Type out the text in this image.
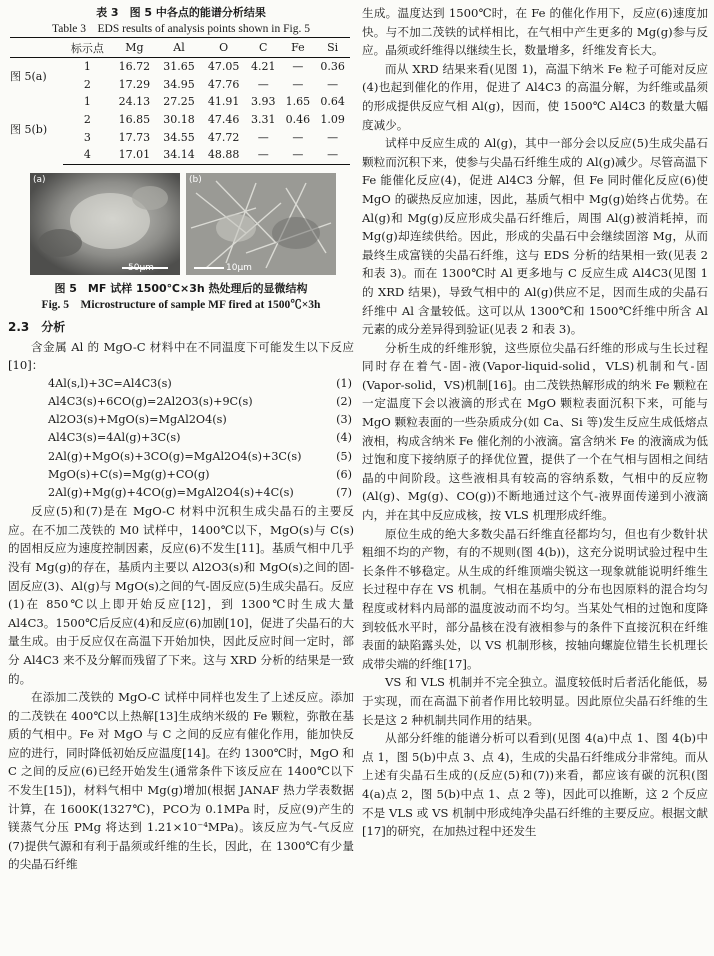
表 3　图 5 中各点的能谱分析结果
Table 3　EDS results of analysis points shown in Fig. 5
	标示点	Mg	Al	O	C	Fe	Si
图 5(a)	1	16.72	31.65	47.05	4.21	—	0.36
	2	17.29	34.95	47.76	—	—	—
图 5(b)	1	24.13	27.25	41.91	3.93	1.65	0.64
	2	16.85	30.18	47.46	3.31	0.46	1.09
	3	17.73	34.55	47.72	—	—	—
	4	17.01	34.14	48.88	—	—	—
(a)
50μm
(b)
10μm
图 5　MF 试样 1500℃×3h 热处理后的显微结构
Fig. 5　Microstructure of sample MF fired at 1500℃×3h
2.3　分析

含金属 Al 的 MgO-C 材料中在不同温度下可能发生以下反应[10]：

4Al(s,l)+3C=Al4C3(s)	(1)
Al4C3(s)+6CO(g)=2Al2O3(s)+9C(s)	(2)
Al2O3(s)+MgO(s)=MgAl2O4(s)	(3)
Al4C3(s)=4Al(g)+3C(s)	(4)
2Al(g)+MgO(s)+3CO(g)=MgAl2O4(s)+3C(s)	(5)
MgO(s)+C(s)=Mg(g)+CO(g)	(6)
2Al(g)+Mg(g)+4CO(g)=MgAl2O4(s)+4C(s)	(7)

反应(5)和(7)是在 MgO-C 材料中沉积生成尖晶石的主要反应。在不加二茂铁的 M0 试样中，1400℃以下，MgO(s)与 C(s)的固相反应为速度控制因素，反应(6)不发生[11]。基质气相中几乎没有 Mg(g)的存在，基质内主要以 Al2O3(s)和 MgO(s)之间的固-固反应(3)、Al(g)与 MgO(s)之间的气-固反应(5)生成尖晶石。反应(1)在 850℃以上即开始反应[12]，到 1300℃时生成大量 Al4C3。1500℃后反应(4)和反应(6)加剧[10]，促进了尖晶石的大量生成。由于反应仅在高温下开始加快，因此反应时间一定时，部分 Al4C3 来不及分解而残留了下来。这与 XRD 分析的结果是一致的。

在添加二茂铁的 MgO-C 试样中同样也发生了上述反应。添加的二茂铁在 400℃以上热解[13]生成纳米级的 Fe 颗粒，弥散在基质的气相中。Fe 对 MgO 与 C 之间的反应有催化作用，能加快反应的进行，同时降低初始反应温度[14]。在约 1300℃时，MgO 和 C 之间的反应(6)已经开始发生(通常条件下该反应在 1400℃以下不发生[15])，材料气相中 Mg(g)增加(根据 JANAF 热力学表数据计算，在 1600K(1327℃)，PCO为 0.1MPa 时，反应(9)产生的镁蒸气分压 PMg 将达到 1.21×10⁻⁴MPa)。该反应为气-气反应(7)提供气源和有利于晶须或纤维的生长，因此，在 1300℃有少量的尖晶石纤维

生成。温度达到 1500℃时，在 Fe 的催化作用下，反应(6)速度加快。与不加二茂铁的试样相比，在气相中产生更多的 Mg(g)参与反应。晶须或纤维得以继续生长，数量增多，纤维发育长大。

而从 XRD 结果来看(见图 1)，高温下纳米 Fe 粒子可能对反应(4)也起到催化的作用，促进了 Al4C3 的高温分解，为纤维或晶须的形成提供反应气相 Al(g)，因而，使 1500℃ Al4C3 的数量大幅度减少。

试样中反应生成的 Al(g)，其中一部分会以反应(5)生成尖晶石颗粒而沉积下来，使参与尖晶石纤维生成的 Al(g)减少。尽管高温下 Fe 能催化反应(4)，促进 Al4C3 分解，但 Fe 同时催化反应(6)使 MgO 的碳热反应加速，因此，基质气相中 Mg(g)始终占优势。在 Al(g)和 Mg(g)反应形成尖晶石纤维后，周围 Al(g)被消耗掉，而 Mg(g)却连续供给。因此，形成的尖晶石中会继续固溶 Mg，从而最终生成富镁的尖晶石纤维，这与 EDS 分析的结果相一致(见表 2 和表 3)。而在 1300℃时 Al 更多地与 C 反应生成 Al4C3(见图 1 的 XRD 结果)，导致气相中的 Al(g)供应不足，因而生成的尖晶石纤维中 Al 含量较低。这可以从 1300℃和 1500℃纤维中所含 Al 元素的成分差异得到验证(见表 2 和表 3)。

分析生成的纤维形貌，这些原位尖晶石纤维的形成与生长过程同时存在着气-固-液(Vapor-liquid-solid，VLS)机制和气-固(Vapor-solid，VS)机制[16]。由二茂铁热解形成的纳米 Fe 颗粒在一定温度下会以液滴的形式在 MgO 颗粒表面沉积下来，可能与 MgO 颗粒表面的一些杂质成分(如 Ca、Si 等)发生反应生成低熔点液相，构成含纳米 Fe 催化剂的小液滴。富含纳米 Fe 的液滴成为低过饱和度下接纳原子的择优位置，提供了一个在气相与固相之间结晶的中间阶段。这些液相具有较高的容纳系数，气相中的反应物(Al(g)、Mg(g)、CO(g))不断地通过这个气-液界面传递到小液滴内，并在其中反应成核，按 VLS 机理形成纤维。

原位生成的绝大多数尖晶石纤维直径都均匀，但也有少数针状粗细不均的产物，有的不规则(图 4(b))，这充分说明试验过程中生长条件不够稳定。从生成的纤维顶端尖锐这一现象就能说明纤维生长过程中存在 VS 机制。气相在基质中的分布也因原料的混合均匀程度或材料内局部的温度波动而不均匀。当某处气相的过饱和度降到较低水平时，部分晶核在没有液相参与的条件下直接沉积在纤维表面的缺陷露头处，以 VS 机制形核，按轴向螺旋位错生长机理长成带尖端的纤维[17]。

VS 和 VLS 机制并不完全独立。温度较低时后者活化能低，易于实现，而在高温下前者作用比较明显。因此原位尖晶石纤维的生长是这 2 种机制共同作用的结果。

从部分纤维的能谱分析可以看到(见图 4(a)中点 1、图 4(b)中点 1，图 5(b)中点 3、点 4)，生成的尖晶石纤维成分非常纯。而从上述有尖晶石生成的(反应(5)和(7))来看，都应该有碳的沉积(图 4(a)点 2，图 5(b)中点 1、点 2 等)，因此可以推断，这 2 个反应不是 VLS 或 VS 机制中形成纯净尖晶石纤维的主要反应。根据文献[17]的研究，在加热过程中还发生
